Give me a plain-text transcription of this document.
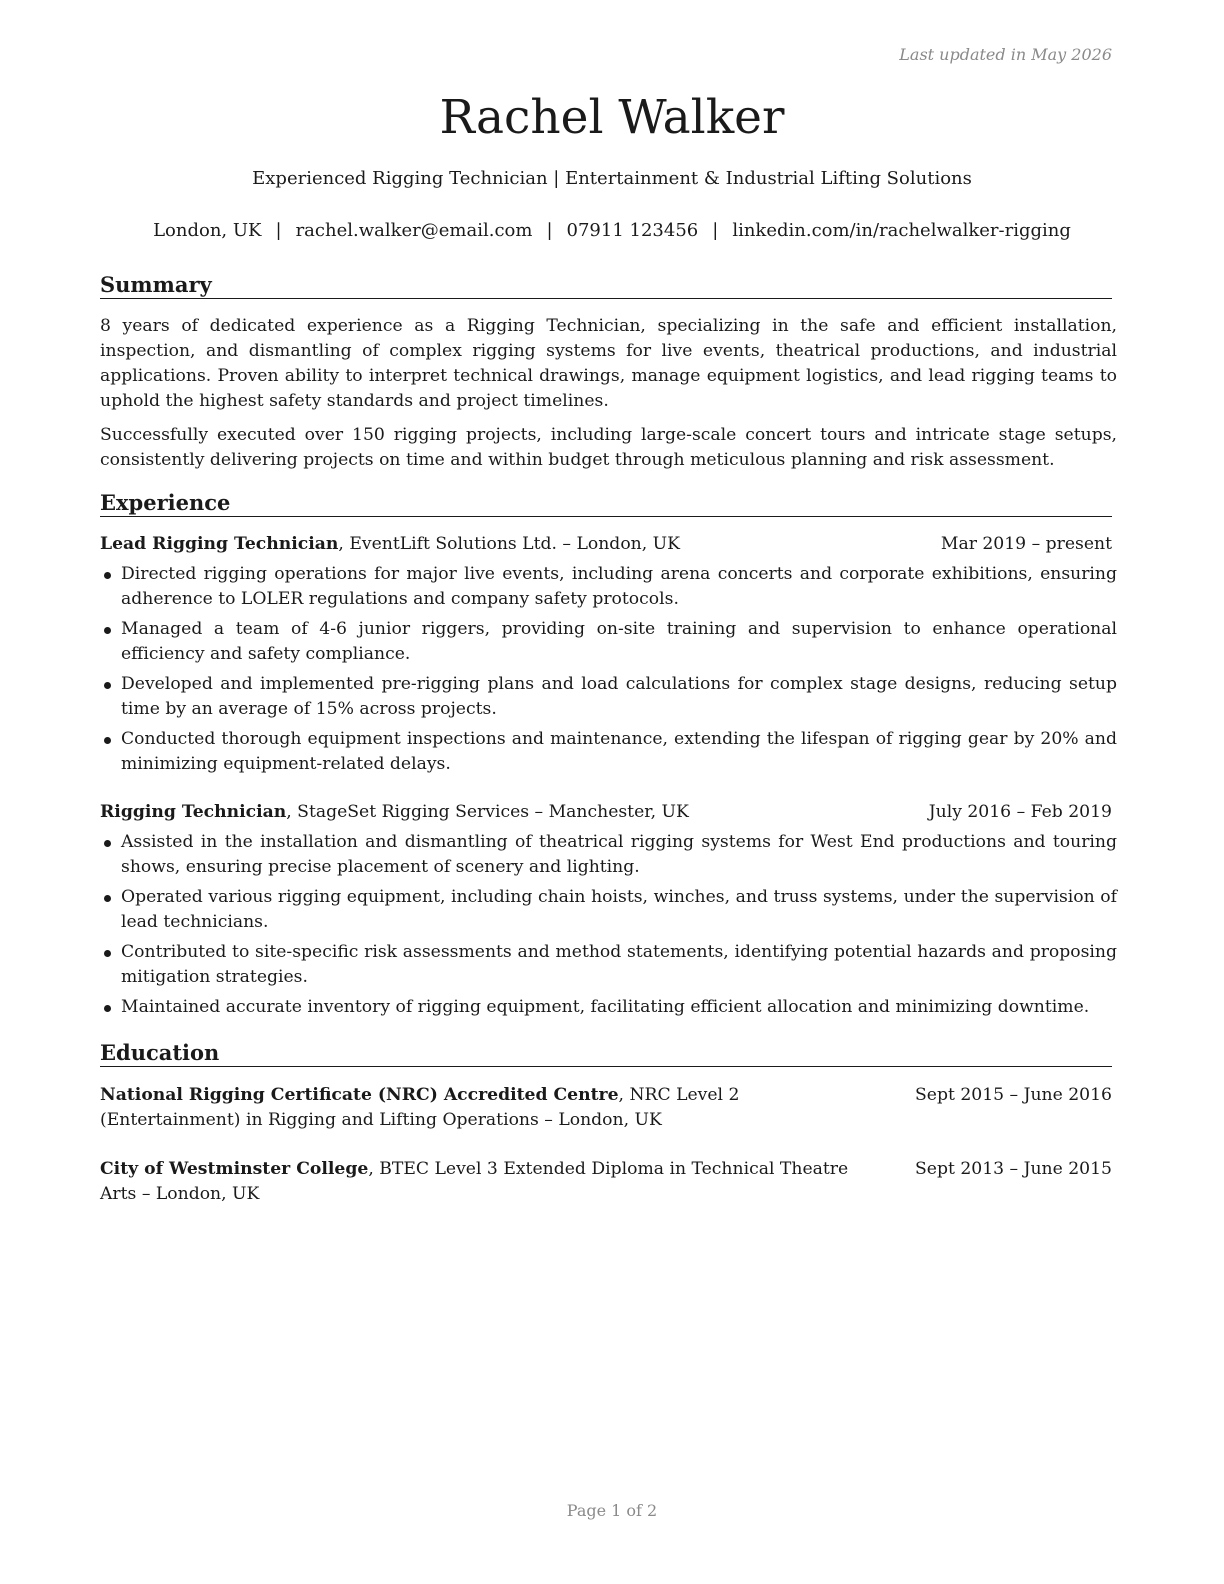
Last updated in May 2026
Rachel Walker
Experienced Rigging Technician | Entertainment & Industrial Lifting Solutions
London, UK | rachel.walker@email.com | 07911 123456 | linkedin.com/in/rachelwalker-rigging
Summary

8 years of dedicated experience as a Rigging Technician, specializing in the safe and efficient installation, inspection, and dismantling of complex rigging systems for live events, theatrical productions, and industrial applications. Proven ability to interpret technical drawings, manage equipment logistics, and lead rigging teams to uphold the highest safety standards and project timelines.

Successfully executed over 150 rigging projects, including large-scale concert tours and intricate stage setups, consistently delivering projects on time and within budget through meticulous planning and risk assessment.

Experience
Lead Rigging Technician, EventLift Solutions Ltd. – London, UK	Mar 2019 – present
Directed rigging operations for major live events, including arena concerts and corporate exhibitions, ensuring adherence to LOLER regulations and company safety protocols.
Managed a team of 4-6 junior riggers, providing on-site training and supervision to enhance operational efficiency and safety compliance.
Developed and implemented pre-rigging plans and load calculations for complex stage designs, reducing setup time by an average of 15% across projects.
Conducted thorough equipment inspections and maintenance, extending the lifespan of rigging gear by 20% and minimizing equipment-related delays.
Rigging Technician, StageSet Rigging Services – Manchester, UK	July 2016 – Feb 2019
Assisted in the installation and dismantling of theatrical rigging systems for West End productions and touring shows, ensuring precise placement of scenery and lighting.
Operated various rigging equipment, including chain hoists, winches, and truss systems, under the supervision of lead technicians.
Contributed to site-specific risk assessments and method statements, identifying potential hazards and proposing mitigation strategies.
Maintained accurate inventory of rigging equipment, facilitating efficient allocation and minimizing downtime.
Education
National Rigging Certificate (NRC) Accredited Centre, NRC Level 2 (Entertainment) in Rigging and Lifting Operations – London, UK
Sept 2015 – June 2016
City of Westminster College, BTEC Level 3 Extended Diploma in Technical Theatre Arts – London, UK
Sept 2013 – June 2015
Page 1 of 2
